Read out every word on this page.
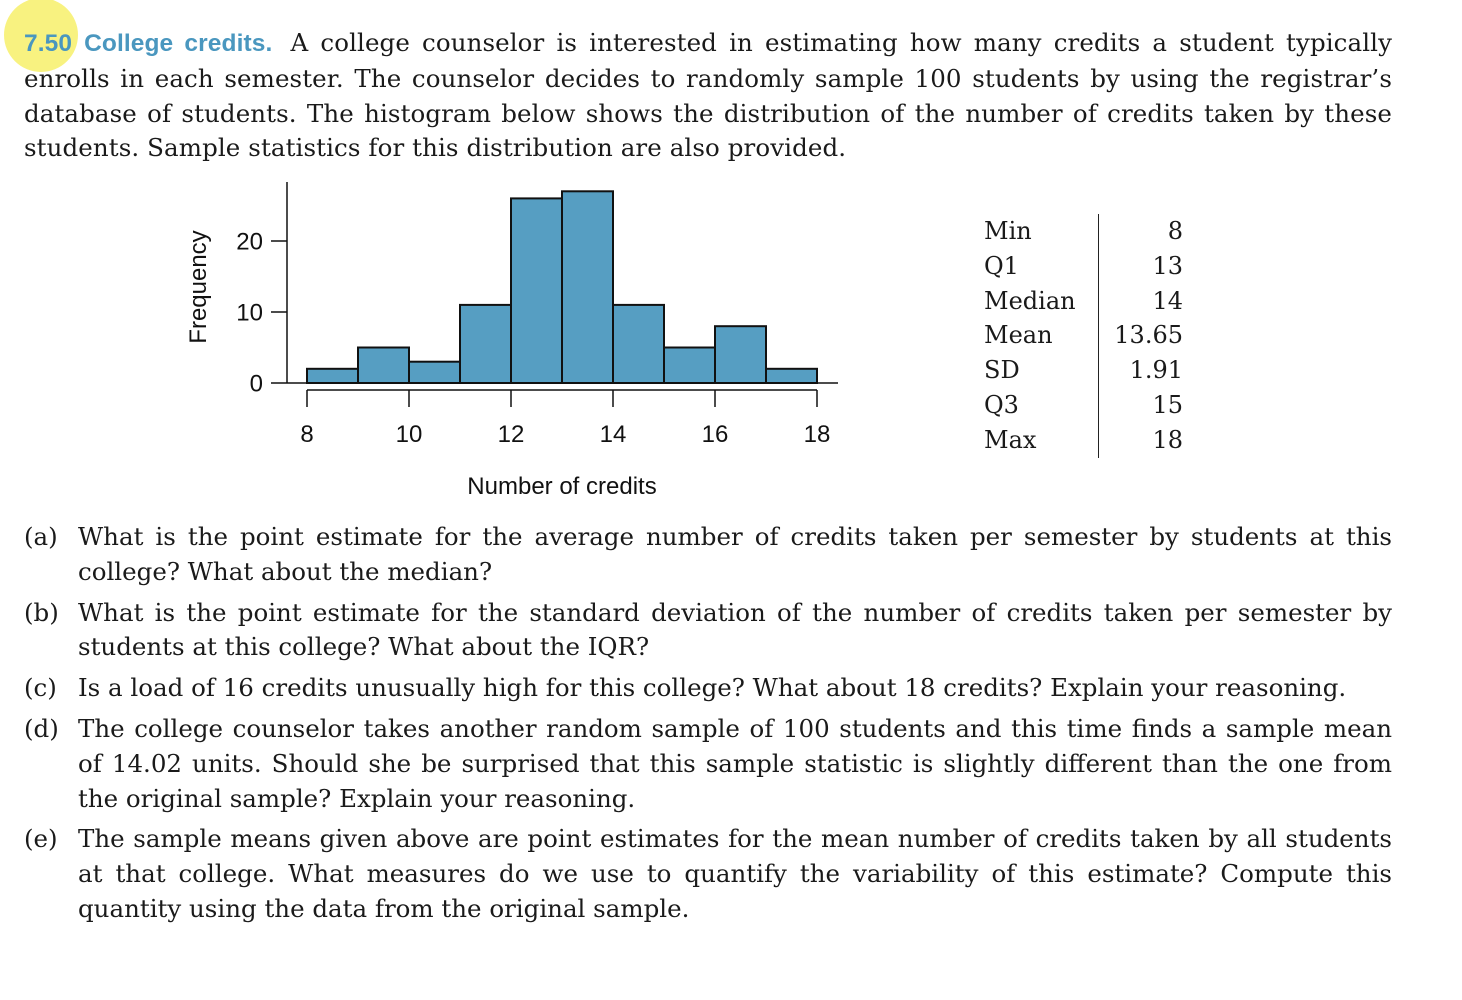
7.50 College credits. A college counselor is interested in estimating how many credits a student typically enrolls in each semester. The counselor decides to randomly sample 100 students by using the registrar’s database of students. The histogram below shows the distribution of the number of credits taken by these students. Sample statistics for this distribution are also provided.
0
10
20
8	10	12	14	16	18
Number of credits
Frequency	Min	8
Q1	13
Median	14
Mean	13.65
SD	1.91
Q3	15
Max	18
(a) What is the point estimate for the average number of credits taken per semester by students at this college? What about the median?
(b) What is the point estimate for the standard deviation of the number of credits taken per semester by students at this college? What about the IQR?
(c) Is a load of 16 credits unusually high for this college? What about 18 credits? Explain your reasoning.
(d) The college counselor takes another random sample of 100 students and this time finds a sample mean of 14.02 units. Should she be surprised that this sample statistic is slightly different than the one from the original sample? Explain your reasoning.
(e) The sample means given above are point estimates for the mean number of credits taken by all students at that college. What measures do we use to quantify the variability of this estimate? Compute this quantity using the data from the original sample.
